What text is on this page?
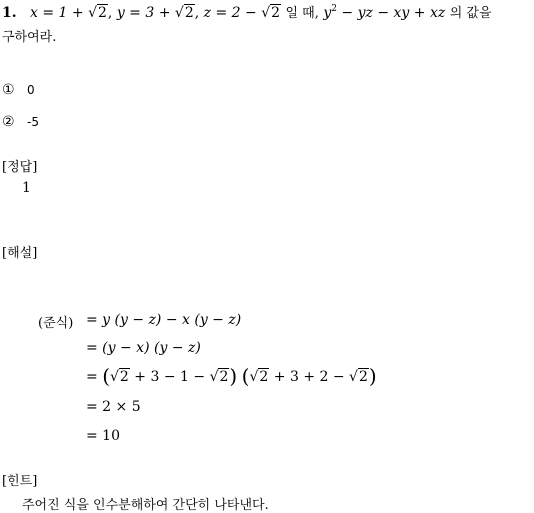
1. x = 1 + √2, y = 3 + √2, z = 2 − √2 일 때, $y^2$ − yz − xy + xz 의 값을
구하여라.
① 0
② -5
[정답]
1
[해설]
(준식) = y (y − z) − x (y − z)
= (y − x) (y − z)
= (√2 + 3 − 1 − √2) (√2 + 3 + 2 − √2)
= 2 × 5
= 10
[힌트]
주어진 식을 인수분해하여 간단히 나타낸다.
